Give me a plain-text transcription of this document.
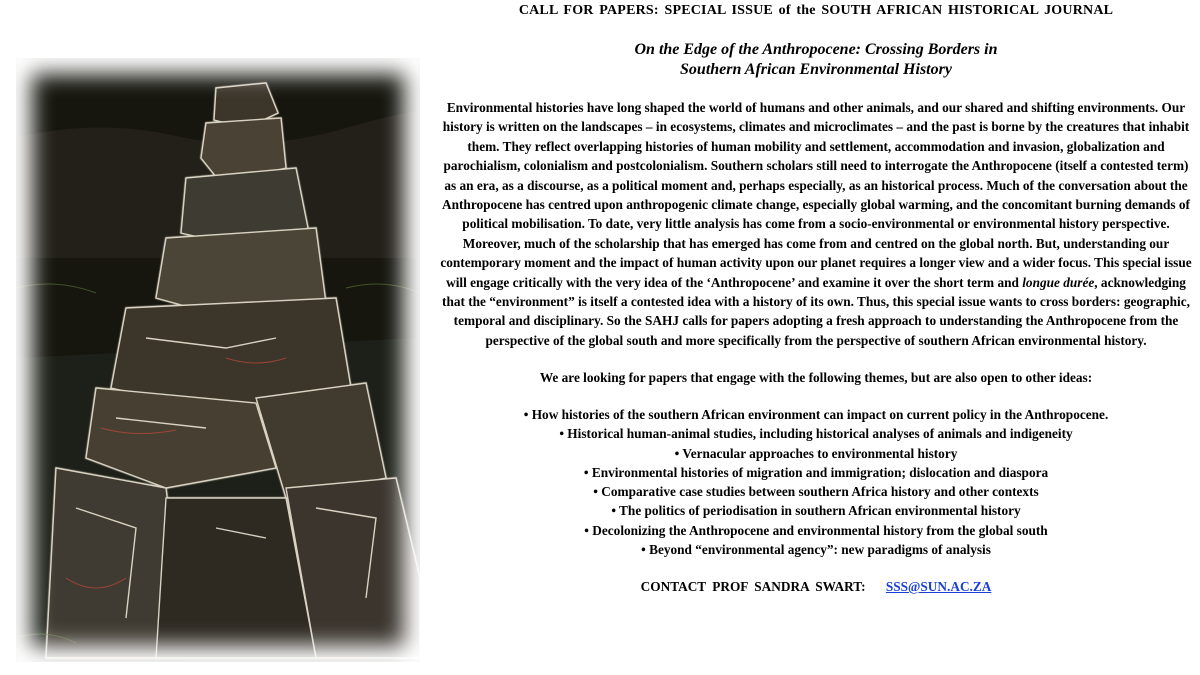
CALL FOR PAPERS: SPECIAL ISSUE of the SOUTH AFRICAN HISTORICAL JOURNAL

On the Edge of the Anthropocene: Crossing Borders in
Southern African Environmental History
Environmental histories have long shaped the world of humans and other animals, and our shared and shifting environments. Our history is written on the landscapes – in ecosystems, climates and microclimates – and the past is borne by the creatures that inhabit them. They reflect overlapping histories of human mobility and settlement, accommodation and invasion, globalization and parochialism, colonialism and postcolonialism. Southern scholars still need to interrogate the Anthropocene (itself a contested term) as an era, as a discourse, as a political moment and, perhaps especially, as an historical process. Much of the conversation about the Anthropocene has centred upon anthropogenic climate change, especially global warming, and the concomitant burning demands of political mobilisation. To date, very little analysis has come from a socio-environmental or environmental history perspective. Moreover, much of the scholarship that has emerged has come from and centred on the global north. But, understanding our contemporary moment and the impact of human activity upon our planet requires a longer view and a wider focus. This special issue will engage critically with the very idea of the ‘Anthropocene’ and examine it over the short term and longue durée, acknowledging that the “environment” is itself a contested idea with a history of its own. Thus, this special issue wants to cross borders: geographic, temporal and disciplinary. So the SAHJ calls for papers adopting a fresh approach to understanding the Anthropocene from the perspective of the global south and more specifically from the perspective of southern African environmental history.
We are looking for papers that engage with the following themes, but are also open to other ideas:
• How histories of the southern African environment can impact on current policy in the Anthropocene.
• Historical human-animal studies, including historical analyses of animals and indigeneity
• Vernacular approaches to environmental history
• Environmental histories of migration and immigration; dislocation and diaspora
• Comparative case studies between southern Africa history and other contexts
• The politics of periodisation in southern African environmental history
• Decolonizing the Anthropocene and environmental history from the global south
• Beyond “environmental agency”: new paradigms of analysis
CONTACT PROF SANDRA SWART: SSS@SUN.AC.ZA
